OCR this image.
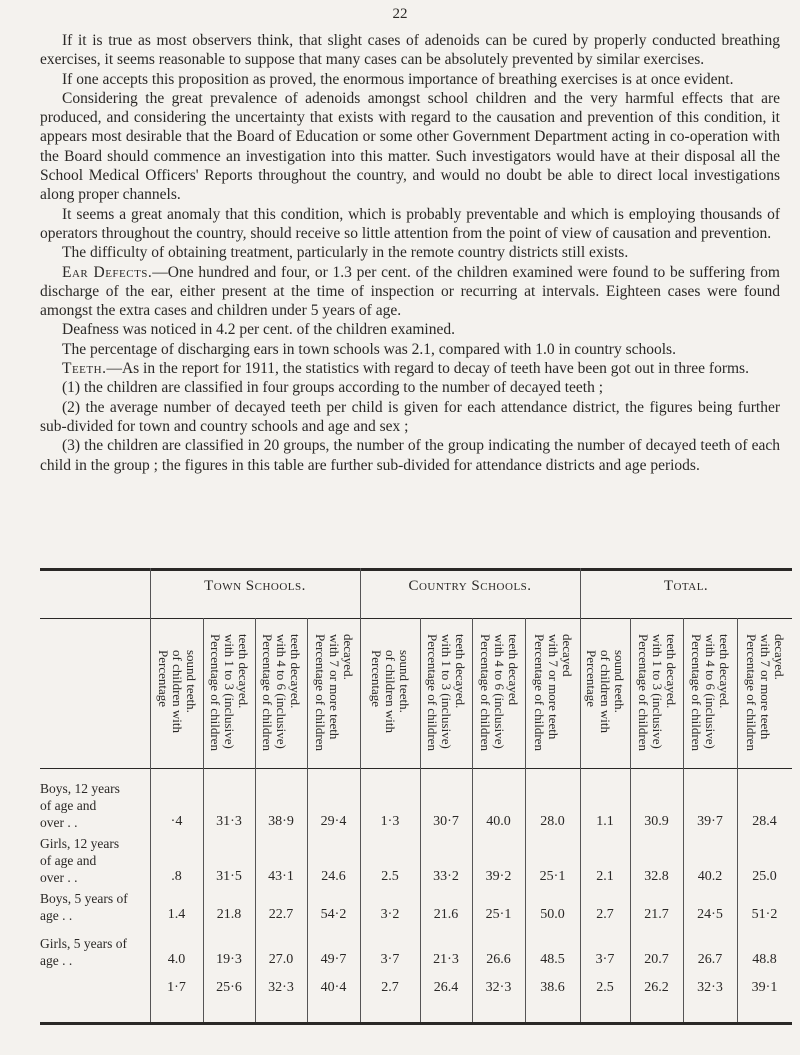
22

If it is true as most observers think, that slight cases of adenoids can be cured by properly conducted breathing exercises, it seems reasonable to suppose that many cases can be absolutely prevented by similar exercises.

If one accepts this proposition as proved, the enormous importance of breathing exercises is at once evident.

Considering the great prevalence of adenoids amongst school children and the very harmful effects that are produced, and considering the uncertainty that exists with regard to the causation and prevention of this condition, it appears most desirable that the Board of Education or some other Government Department acting in co-operation with the Board should commence an investigation into this matter. Such investigators would have at their disposal all the School Medical Officers' Reports throughout the country, and would no doubt be able to direct local investigations along proper channels.

It seems a great anomaly that this condition, which is probably preventable and which is employing thousands of operators throughout the country, should receive so little attention from the point of view of causation and prevention.

The difficulty of obtaining treatment, particularly in the remote country districts still exists.

Ear Defects.—One hundred and four, or 1.3 per cent. of the children examined were found to be suffering from discharge of the ear, either present at the time of inspection or recurring at intervals. Eighteen cases were found amongst the extra cases and children under 5 years of age.

Deafness was noticed in 4.2 per cent. of the children examined.

The percentage of discharging ears in town schools was 2.1, compared with 1.0 in country schools.

Teeth.—As in the report for 1911, the statistics with regard to decay of teeth have been got out in three forms.

(1) the children are classified in four groups according to the number of decayed teeth ;

(2) the average number of decayed teeth per child is given for each attendance district, the figures being further sub-divided for town and country schools and age and sex ;

(3) the children are classified in 20 groups, the number of the group indicating the number of decayed teeth of each child in the group ; the figures in this table are further sub-divided for attendance districts and age periods.

Town Schools.	Country Schools.	Total.
Percentage of children with sound teeth. Percentage of children with 1 to 3 (inclusive) teeth decayed. Percentage of children with 4 to 6 (inclusive) teeth decayed. Percentage of children with 7 or more teeth decayed. Percentage of children with sound teeth. Percentage of children with 1 to 3 (inclusive) teeth decayed. Percentage of children with 4 to 6 (inclusive) teeth decayed Percentage of children with 7 or more teeth decayed Percentage of children with sound teeth. Percentage of children with 1 to 3 (inclusive) teeth decayed. Percentage of children with 4 to 6 (inclusive) teeth decayed. Percentage of children with 7 or more teeth decayed.
Boys, 12 years
of age and
over . .	·4	31·3	38·9	29·4	1·3	30·7	40.0	28.0	1.1	30.9	39·7	28.4
Girls, 12 years
of age and
over . .	.8	31·5	43·1	24.6	2.5	33·2	39·2	25·1	2.1	32.8	40.2	25.0
Boys, 5 years of
age . .	1.4	21.8	22.7	54·2	3·2	21.6	25·1	50.0	2.7	21.7	24·5	51·2
Girls, 5 years of
age . .	4.0	19·3	27.0	49·7	3·7	21·3	26.6	48.5	3·7	20.7	26.7	48.8
1·7	25·6	32·3	40·4	2.7	26.4	32·3	38.6	2.5	26.2	32·3	39·1
